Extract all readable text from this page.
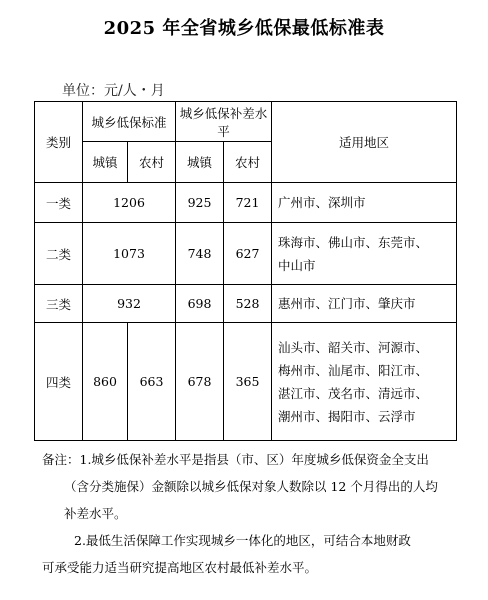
2025 年全省城乡低保最低标准表
单位：元/人・月
类别	城乡低保标准		城乡低保补差水平		适用地区
	城镇	农村	城镇	农村	
一类	1206		925	721	广州市、深圳市

二类	1073		748	627	珠海市、佛山市、东莞市、
中山市

三类	932		698	528	惠州市、江门市、肇庆市

四类	860	663	678	365	汕头市、韶关市、河源市、
梅州市、汕尾市、阳江市、
湛江市、茂名市、清远市、
潮州市、揭阳市、云浮市

备注：1.城乡低保补差水平是指县（市、区）年度城乡低保资金全支出

（含分类施保）金额除以城乡低保对象人数除以 12 个月得出的人均

补差水平。

2.最低生活保障工作实现城乡一体化的地区，可结合本地财政

可承受能力适当研究提高地区农村最低补差水平。
